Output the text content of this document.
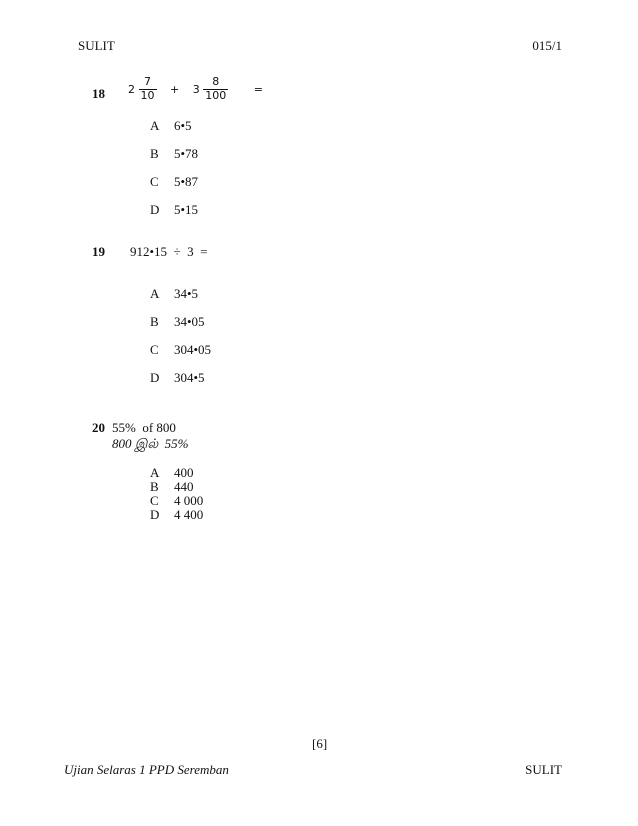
SULIT	015/1
18 $2 \frac{7}{10} + 3 \frac{8}{100}$ =
A	6•5
B	5•78
C	5•87
D	5•15
19 912•15  ÷  3  =
A	34•5
B	34•05
C	304•05
D	304•5
20 55%  of 800
800 இல்  55%
A	400
B	440
C	4 000
D	4 400
[6]
Ujian Selaras 1 PPD Seremban	SULIT
